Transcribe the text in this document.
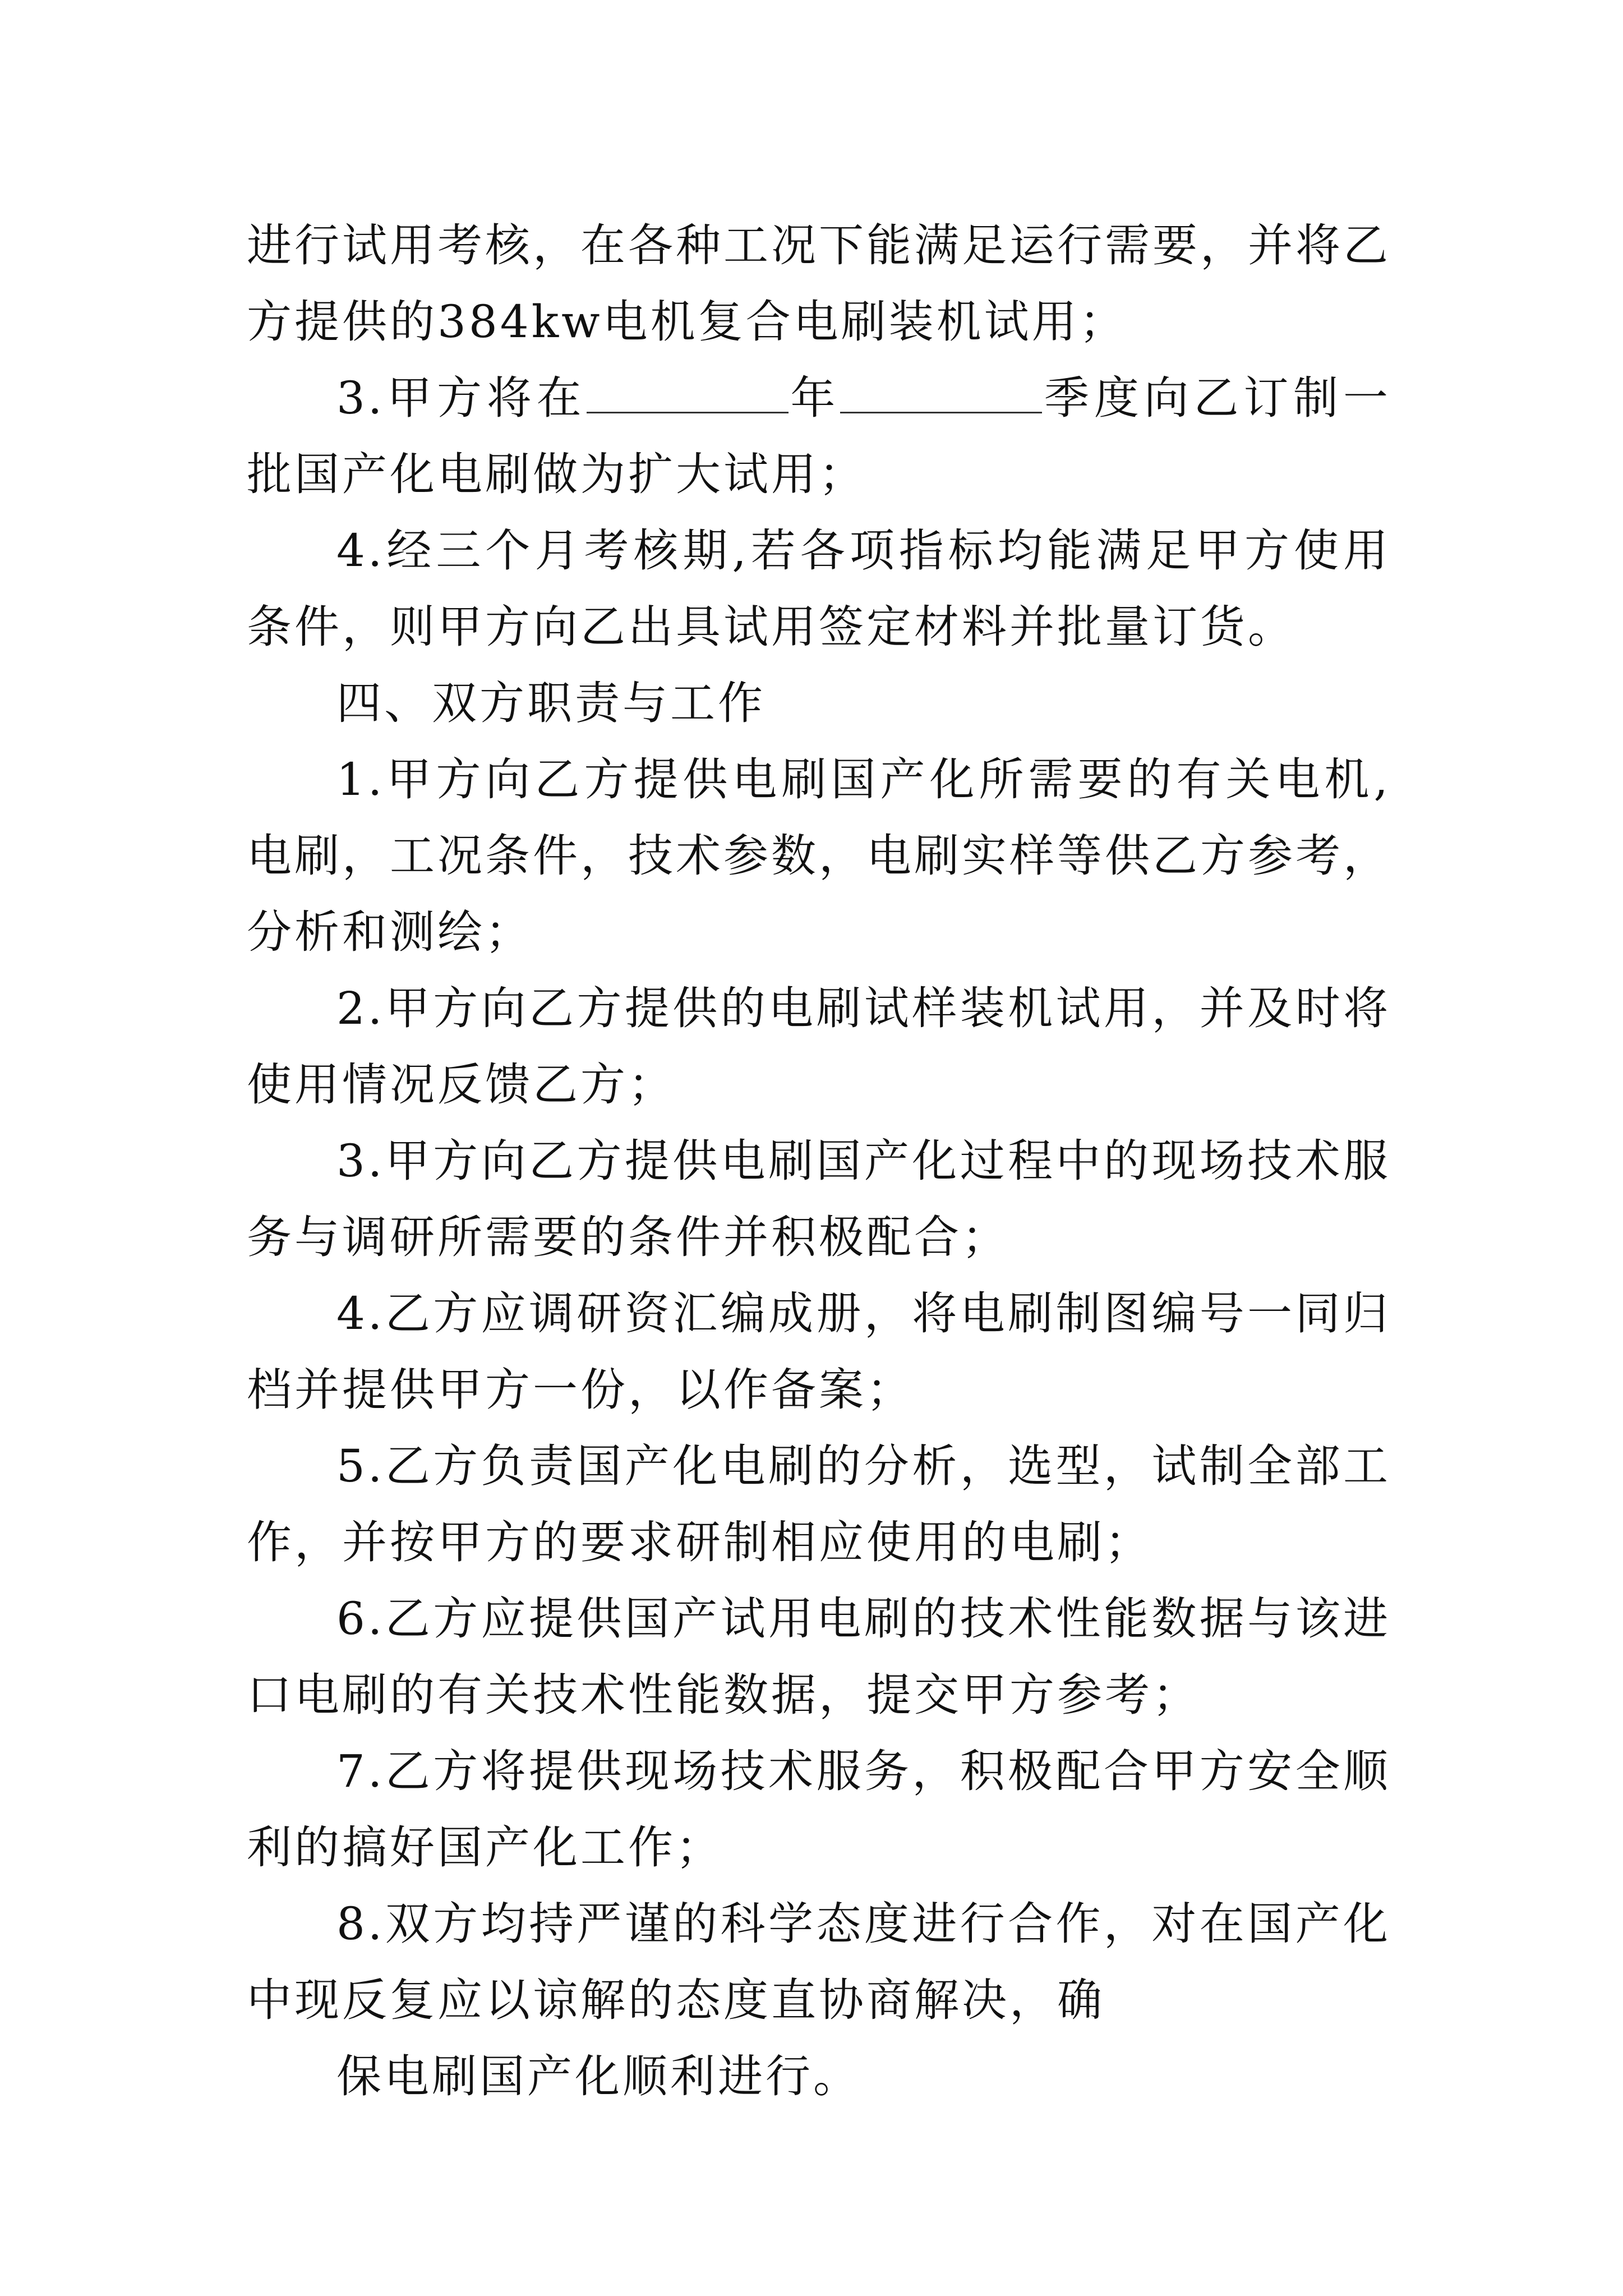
进行试用考核，在各种工况下能满足运行需要，并将乙方提供的384kw电机复合电刷装机试用；

3.甲方将在	年	季度向乙订制一批国产化电刷做为扩大试用；

4.经三个月考核期,若各项指标均能满足甲方使用条件，则甲方向乙出具试用签定材料并批量订货。

四、双方职责与工作

1.甲方向乙方提供电刷国产化所需要的有关电机,电刷，工况条件，技术参数，电刷实样等供乙方参考，分析和测绘；

2.甲方向乙方提供的电刷试样装机试用，并及时将使用情况反馈乙方；

3.甲方向乙方提供电刷国产化过程中的现场技术服务与调研所需要的条件并积极配合；

4.乙方应调研资汇编成册，将电刷制图编号一同归档并提供甲方一份，以作备案；

5.乙方负责国产化电刷的分析，选型，试制全部工作，并按甲方的要求研制相应使用的电刷；

6.乙方应提供国产试用电刷的技术性能数据与该进口电刷的有关技术性能数据，提交甲方参考；

7.乙方将提供现场技术服务，积极配合甲方安全顺利的搞好国产化工作；

8.双方均持严谨的科学态度进行合作，对在国产化中现反复应以谅解的态度直协商解决，确

保电刷国产化顺利进行。
